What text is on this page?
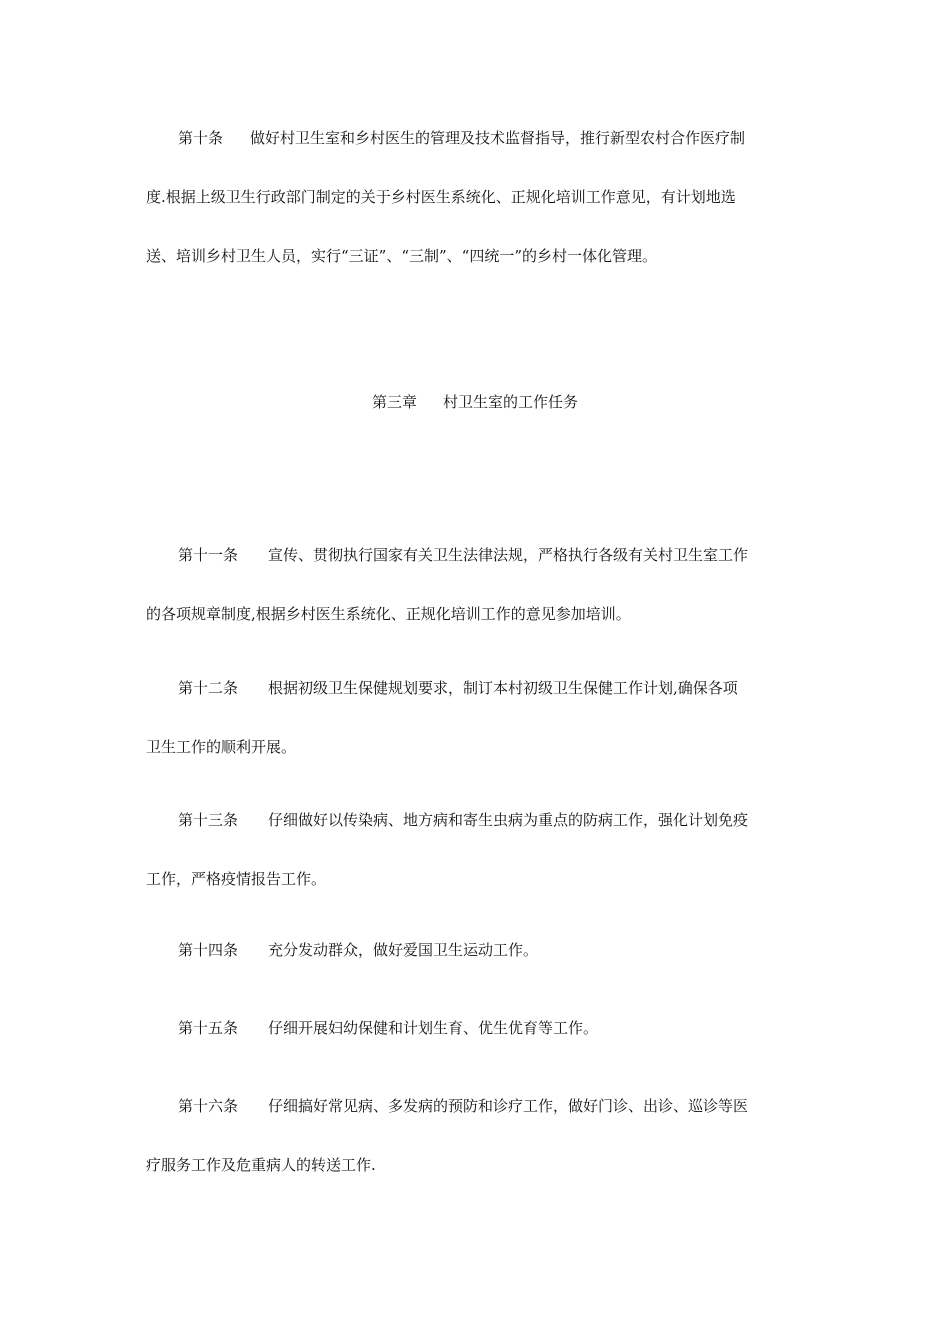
第十条 做好村卫生室和乡村医生的管理及技术监督指导，推行新型农村合作医疗制
度.根据上级卫生行政部门制定的关于乡村医生系统化、正规化培训工作意见，有计划地选
送、培训乡村卫生人员，实行“三证”、“三制”、“四统一”的乡村一体化管理。
第三章 村卫生室的工作任务
第十一条 宣传、贯彻执行国家有关卫生法律法规，严格执行各级有关村卫生室工作
的各项规章制度,根据乡村医生系统化、正规化培训工作的意见参加培训。
第十二条 根据初级卫生保健规划要求，制订本村初级卫生保健工作计划,确保各项
卫生工作的顺利开展。
第十三条 仔细做好以传染病、地方病和寄生虫病为重点的防病工作，强化计划免疫
工作，严格疫情报告工作。
第十四条 充分发动群众，做好爱国卫生运动工作。
第十五条 仔细开展妇幼保健和计划生育、优生优育等工作。
第十六条 仔细搞好常见病、多发病的预防和诊疗工作，做好门诊、出诊、巡诊等医
疗服务工作及危重病人的转送工作.
